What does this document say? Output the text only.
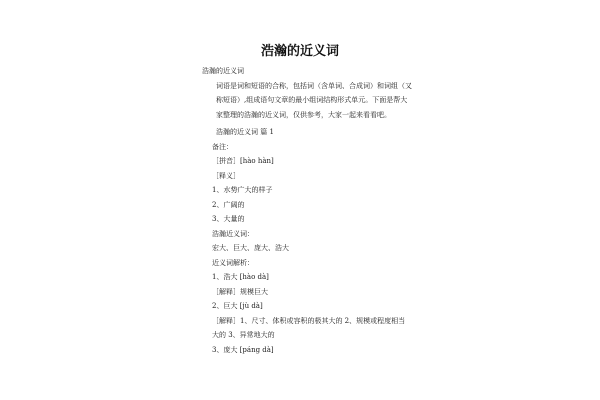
浩瀚的近义词

浩瀚的近义词

词语是词和短语的合称，包括词（含单词、合成词）和词组（又称短语）,组成语句文章的最小组词结构形式单元。下面是帮大家整理的浩瀚的近义词，仅供参考，大家一起来看看吧。

浩瀚的近义词 篇 1

备注：

［拼音］[hào hàn]

［释义］

1、水势广大的样子

2、广阔的

3、大量的

浩瀚近义词：

宏大、巨大、庞大、浩大

近义词解析：

1、浩大 [hào dà]

［解释］规模巨大

2、巨大 [jù dà]

［解释］1、尺寸、体积或容积的极其大的 2、规模或程度相当大的 3、异常地大的

3、庞大 [páng dà]
